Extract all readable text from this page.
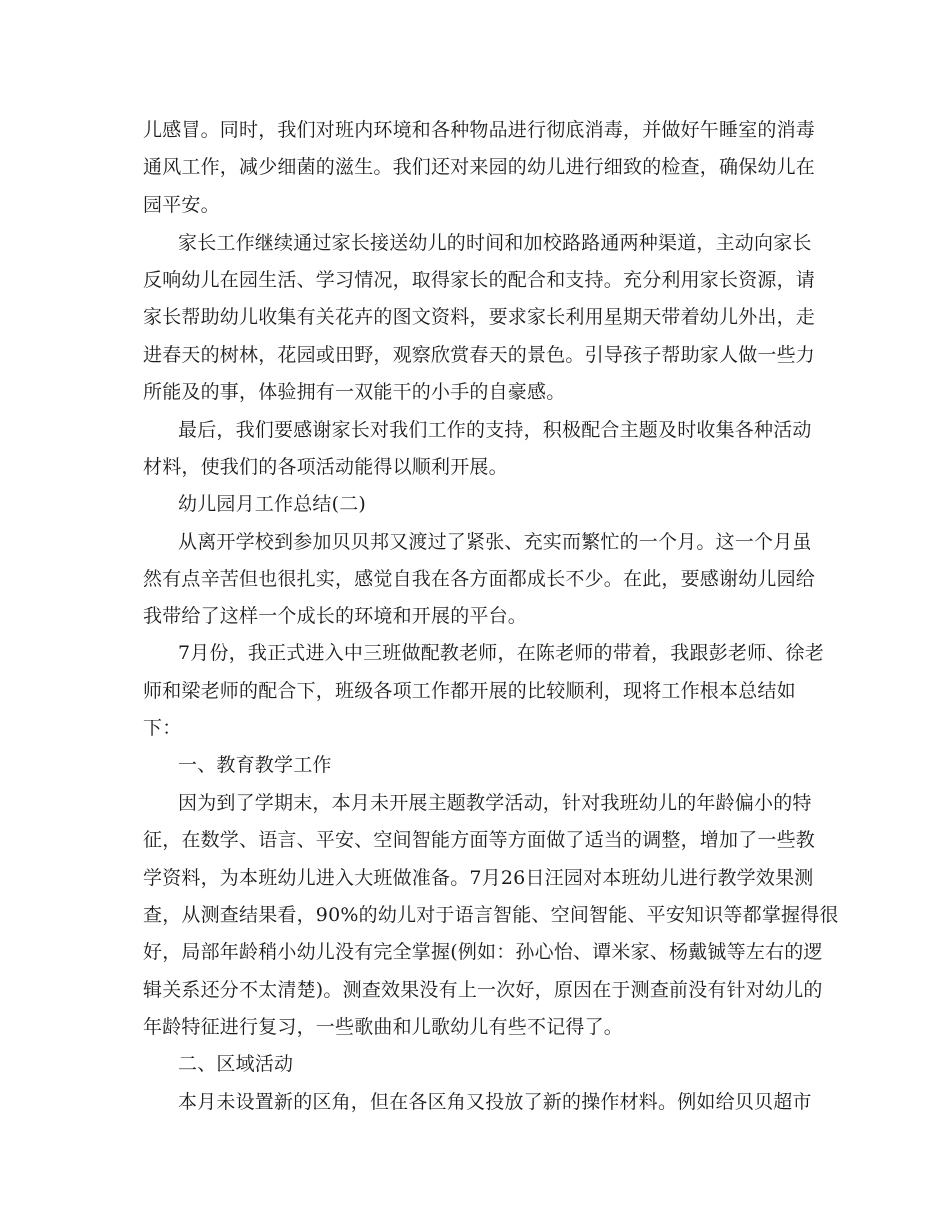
儿感冒。同时，我们对班内环境和各种物品进行彻底消毒，并做好午睡室的消毒

通风工作，减少细菌的滋生。我们还对来园的幼儿进行细致的检查，确保幼儿在

园平安。

家长工作继续通过家长接送幼儿的时间和加校路路通两种渠道，主动向家长

反响幼儿在园生活、学习情况，取得家长的配合和支持。充分利用家长资源，请

家长帮助幼儿收集有关花卉的图文资料，要求家长利用星期天带着幼儿外出，走

进春天的树林，花园或田野，观察欣赏春天的景色。引导孩子帮助家人做一些力

所能及的事，体验拥有一双能干的小手的自豪感。

最后，我们要感谢家长对我们工作的支持，积极配合主题及时收集各种活动

材料，使我们的各项活动能得以顺利开展。

幼儿园月工作总结(二)

从离开学校到参加贝贝邦又渡过了紧张、充实而繁忙的一个月。这一个月虽

然有点辛苦但也很扎实，感觉自我在各方面都成长不少。在此，要感谢幼儿园给

我带给了这样一个成长的环境和开展的平台。

7月份，我正式进入中三班做配教老师，在陈老师的带着，我跟彭老师、徐老

师和梁老师的配合下，班级各项工作都开展的比较顺利，现将工作根本总结如

下：

一、教育教学工作

因为到了学期末，本月未开展主题教学活动，针对我班幼儿的年龄偏小的特

征，在数学、语言、平安、空间智能方面等方面做了适当的调整，增加了一些教

学资料，为本班幼儿进入大班做准备。7月26日汪园对本班幼儿进行教学效果测

查，从测查结果看，90%的幼儿对于语言智能、空间智能、平安知识等都掌握得很

好，局部年龄稍小幼儿没有完全掌握(例如：孙心怡、谭米家、杨戴铖等左右的逻

辑关系还分不太清楚)。测查效果没有上一次好，原因在于测查前没有针对幼儿的

年龄特征进行复习，一些歌曲和儿歌幼儿有些不记得了。

二、区域活动

本月未设置新的区角，但在各区角又投放了新的操作材料。例如给贝贝超市
